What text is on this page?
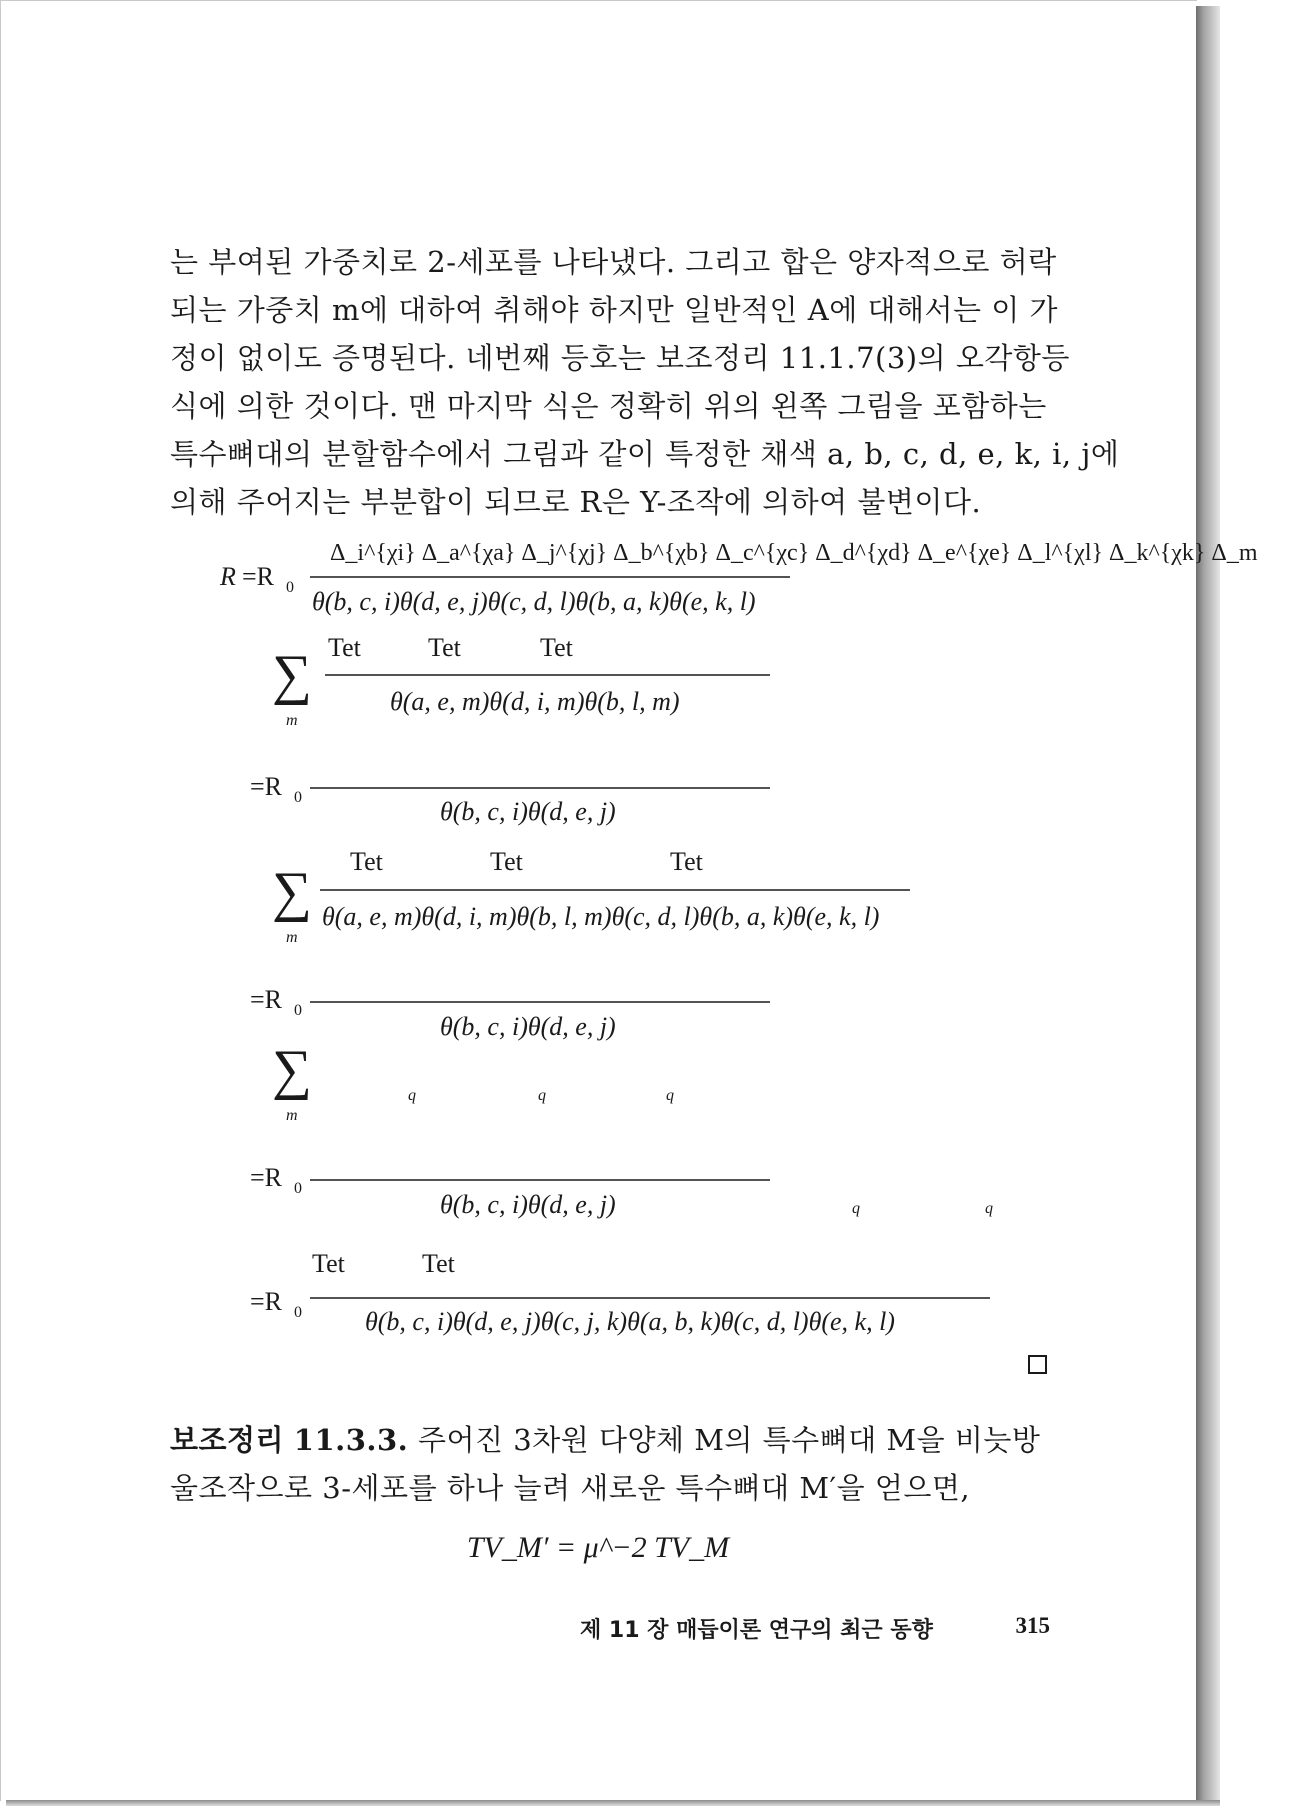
는 부여된 가중치로 2-세포를 나타냈다. 그리고 합은 양자적으로 허락
되는 가중치 m에 대하여 취해야 하지만 일반적인 A에 대해서는 이 가
정이 없이도 증명된다. 네번째 등호는 보조정리 11.1.7(3)의 오각항등
식에 의한 것이다. 맨 마지막 식은 정확히 위의 왼쪽 그림을 포함하는
특수뼈대의 분할함수에서 그림과 같이 특정한 채색 a, b, c, d, e, k, i, j에
의해 주어지는 부분합이 되므로 R은 Y-조작에 의하여 불변이다.
R =R 0
Δ_i^{χi} Δ_a^{χa} Δ_j^{χj} Δ_b^{χb} Δ_c^{χc} Δ_d^{χd} Δ_e^{χe} Δ_l^{χl} Δ_k^{χk} Δ_m
θ(b, c, i)θ(d, e, j)θ(c, d, l)θ(b, a, k)θ(e, k, l)
∑
m
Tet	Tet	Tet
θ(a, e, m)θ(d, i, m)θ(b, l, m)
=R 0	θ(b, c, i)θ(d, e, j)
∑
m
Tet	Tet	Tet
θ(a, e, m)θ(d, i, m)θ(b, l, m)θ(c, d, l)θ(b, a, k)θ(e, k, l)
=R 0
θ(b, c, i)θ(d, e, j)
∑
m
q	q	q
=R 0
θ(b, c, i)θ(d, e, j)	q	q
=R 0
Tet	Tet
θ(b, c, i)θ(d, e, j)θ(c, j, k)θ(a, b, k)θ(c, d, l)θ(e, k, l)
보조정리 11.3.3. 주어진 3차원 다양체 M의 특수뼈대 M을 비늣방
울조작으로 3-세포를 하나 늘려 새로운 특수뼈대 M′을 얻으면,
TV_M′ = μ^−2 TV_M
제 11 장 매듭이론 연구의 최근 동향	315
